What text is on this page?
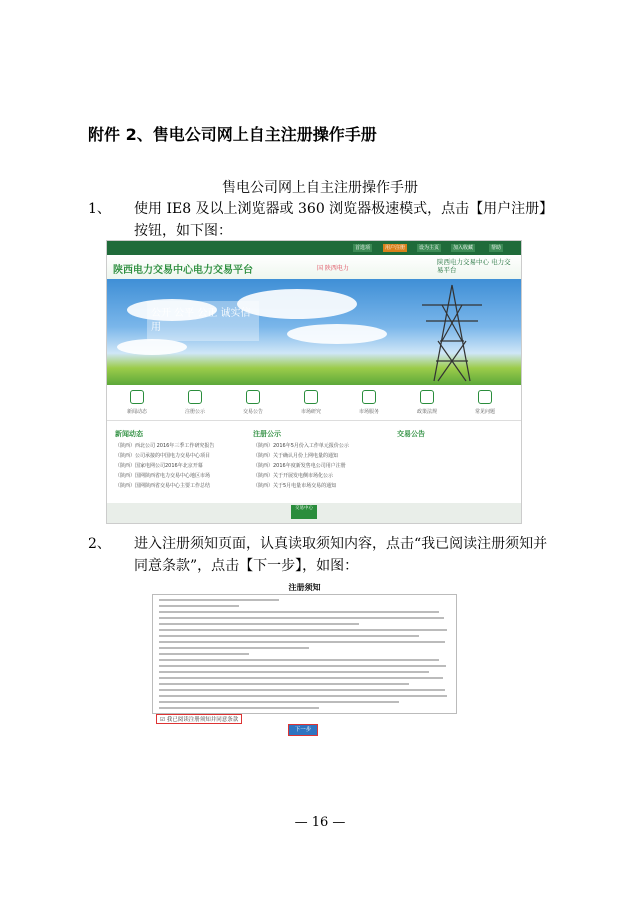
附件 2、售电公司网上自主注册操作手册
售电公司网上自主注册操作手册
1、 使用 IE8 及以上浏览器或 360 浏览器极速模式，点击【用户注册】按钮，如下图：
首选项	用户注册	设为主页	加入收藏	帮助
陕西电力交易中心电力交易平台	国 陕西电力
陕西电力交易中心 电力交易平台
公开 公平 公正 诚实信用
新闻动态	注册公示	交易公告	市场研究	市场服务	政策法规	常见问题
新闻动态
（陕西）西北公司 2016年三季工作研究报告
（陕西）公司承接的中国电力交易中心项目
（陕西）国家电网公司2016年北京开幕
（陕西）国网陕西省电力交易中心地区市场
（陕西）国网陕西省交易中心主要工作总结
注册公示
（陕西）2016年5月份入工作单元报价公示
（陕西）关于确认月份上网电量的通知
（陕西）2016年度新发售电公司用户注册
（陕西）关于开展发电侧市场化公示
（陕西）关于5月电量市场交易的通知
交易公告
交易中心
2、 进入注册须知页面，认真读取须知内容，点击“我已阅读注册须知并同意条款”，点击【下一步】，如图：
注册须知
☑ 我已阅读注册须知并同意条款
下一步
— 16 —
